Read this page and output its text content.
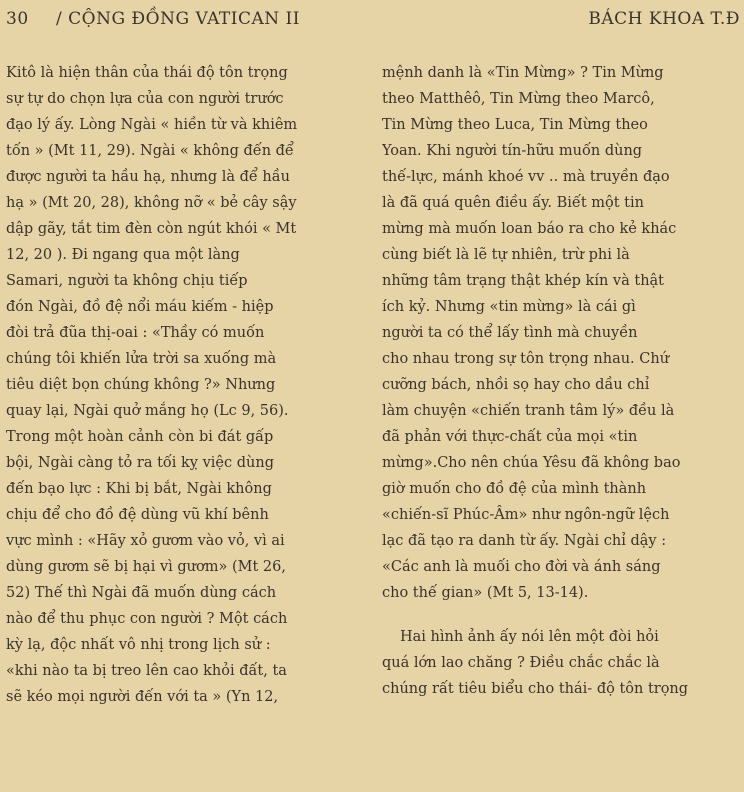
30 / CỘNG ĐỒNG VATICAN II	BÁCH KHOA T.Đ
Kitô là hiện thân của thái độ tôn trọng
sự tự do chọn lựa của con người trước
đạo lý ấy. Lòng Ngài « hiền từ và khiêm
tốn » (Mt 11, 29). Ngài « không đến để
được người ta hầu hạ, nhưng là để hầu
hạ » (Mt 20, 28), không nỡ « bẻ cây sậy
dập gãy, tắt tim đèn còn ngút khói « Mt
12, 20 ). Đi ngang qua một làng
Samari, người ta không chịu tiếp
đón Ngài, đồ đệ nổi máu kiếm - hiệp
đòi trả đũa thị-oai : «Thầy có muốn
chúng tôi khiến lửa trời sa xuống mà
tiêu diệt bọn chúng không ?» Nhưng
quay lại, Ngài quở mắng họ (Lc 9, 56).
Trong một hoàn cảnh còn bi đát gấp
bội, Ngài càng tỏ ra tối kỵ việc dùng
đến bạo lực : Khi bị bắt, Ngài không
chịu để cho đồ đệ dùng vũ khí bênh
vực mình : «Hãy xỏ gươm vào vỏ, vì ai
dùng gươm sẽ bị hại vì gươm» (Mt 26,
52) Thế thì Ngài đã muốn dùng cách
nào để thu phục con người ? Một cách
kỳ lạ, độc nhất vô nhị trong lịch sử :
«khi nào ta bị treo lên cao khỏi đất, ta
sẽ kéo mọi người đến với ta » (Yn 12,
mệnh danh là «Tin Mừng» ? Tin Mừng
theo Matthêô, Tin Mừng theo Marcô,
Tin Mừng theo Luca, Tin Mừng theo
Yoan. Khi người tín-hữu muốn dùng
thế-lực, mánh khoé vv .. mà truyền đạo
là đã quá quên điều ấy. Biết một tin
mừng mà muốn loan báo ra cho kẻ khác
cùng biết là lẽ tự nhiên, trừ phi là
những tâm trạng thật khép kín và thật
ích kỷ. Nhưng «tin mừng» là cái gì
người ta có thể lấy tình mà chuyền
cho nhau trong sự tôn trọng nhau. Chứ
cưỡng bách, nhồi sọ hay cho dầu chỉ
làm chuyện «chiến tranh tâm lý» đều là
đã phản với thực-chất của mọi «tin
mừng».Cho nên chúa Yêsu đã không bao
giờ muốn cho đồ đệ của mình thành
«chiến-sĩ Phúc-Âm» như ngôn-ngữ lệch
lạc đã tạo ra danh từ ấy. Ngài chỉ dậy :
«Các anh là muối cho đời và ánh sáng
cho thế gian» (Mt 5, 13-14).
Hai hình ảnh ấy nói lên một đòi hỏi
quá lớn lao chăng ? Điều chắc chắc là
chúng rất tiêu biểu cho thái- độ tôn trọng
